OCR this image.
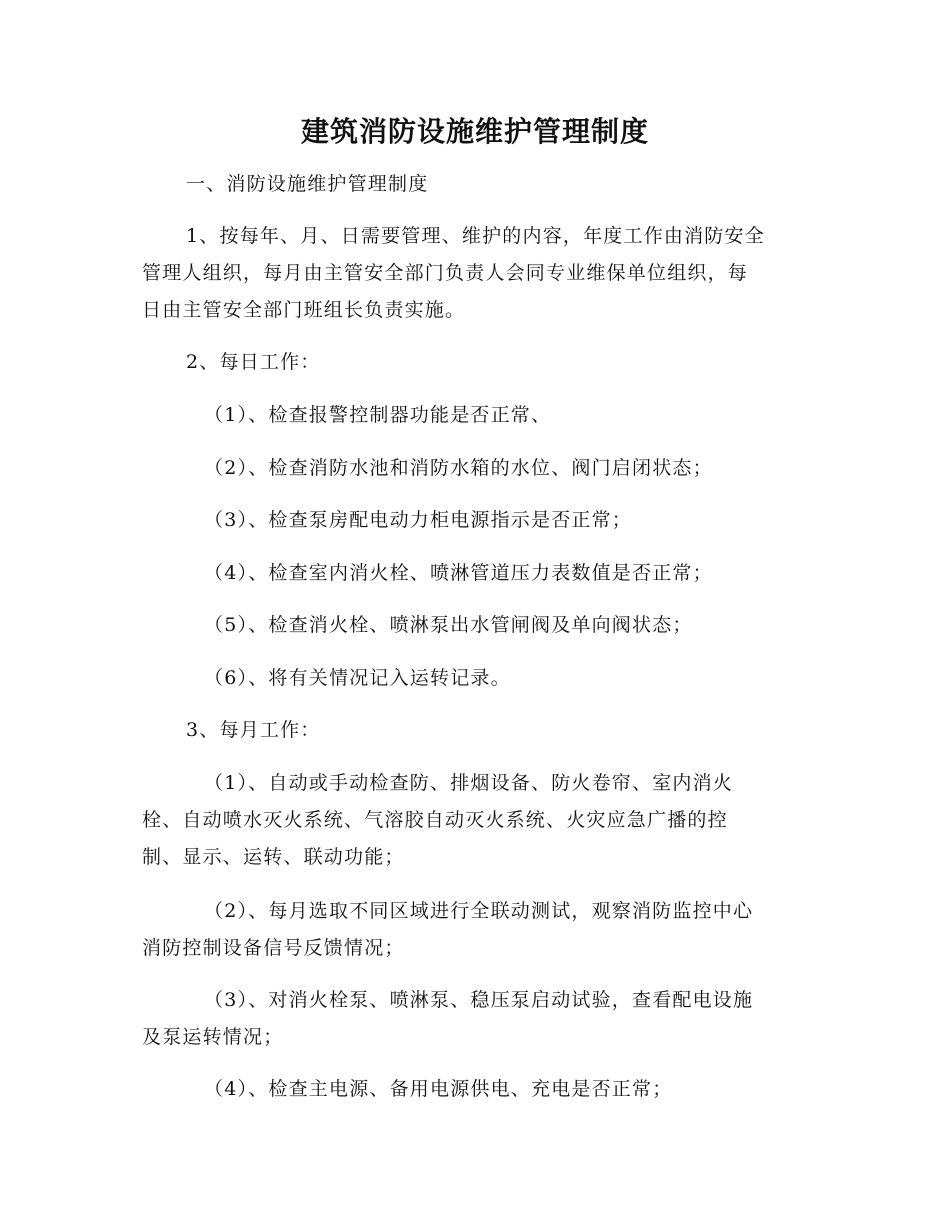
建筑消防设施维护管理制度

一、消防设施维护管理制度

1、按每年、月、日需要管理、维护的内容，年度工作由消防安全
管理人组织，每月由主管安全部门负责人会同专业维保单位组织，每
日由主管安全部门班组长负责实施。

2、每日工作：

（1）、检查报警控制器功能是否正常、

（2）、检查消防水池和消防水箱的水位、阀门启闭状态；

（3）、检查泵房配电动力柜电源指示是否正常；

（4）、检查室内消火栓、喷淋管道压力表数值是否正常；

（5）、检查消火栓、喷淋泵出水管闸阀及单向阀状态；

（6）、将有关情况记入运转记录。

3、每月工作：

（1）、自动或手动检查防、排烟设备、防火卷帘、室内消火
栓、自动喷水灭火系统、气溶胶自动灭火系统、火灾应急广播的控
制、显示、运转、联动功能；
（2）、每月选取不同区域进行全联动测试，观察消防监控中心
消防控制设备信号反馈情况；
（3）、对消火栓泵、喷淋泵、稳压泵启动试验，查看配电设施
及泵运转情况；

（4）、检查主电源、备用电源供电、充电是否正常；
